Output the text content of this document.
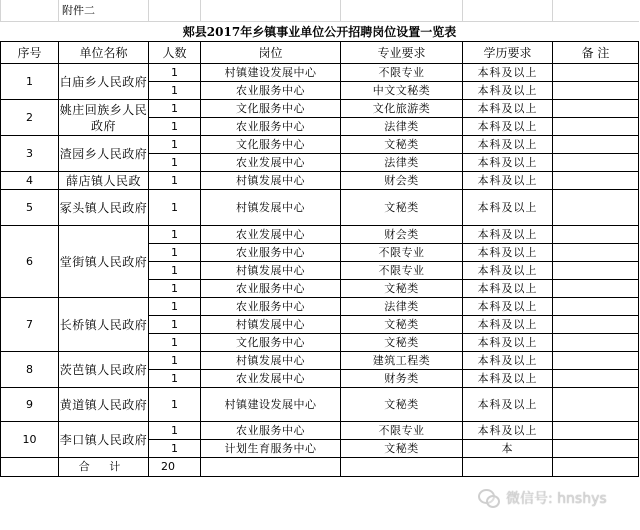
	附件二					
郏县2017年乡镇事业单位公开招聘岗位设置一览表						
序号	单位名称	人数	岗位	专业要求	学历要求	备 注
1	白庙乡人民政府	1	村镇建设发展中心	不限专业	本科及以上	
		1	农业服务中心	中文文秘类	本科及以上	
2	姚庄回族乡人民政府	1	文化服务中心	文化旅游类	本科及以上	
		1	农业服务中心	法律类	本科及以上	
3	渣园乡人民政府	1	文化服务中心	文秘类	本科及以上	
		1	农业发展中心	法律类	本科及以上	
4	薛店镇人民政	1	村镇发展中心	财会类	本科及以上	
5	冢头镇人民政府	1	村镇发展中心	文秘类	本科及以上	
6	堂街镇人民政府	1	农业发展中心	财会类	本科及以上	
		1	农业服务中心	不限专业	本科及以上	
		1	村镇发展中心	不限专业	本科及以上	
		1	农业服务中心	文秘类	本科及以上	
7	长桥镇人民政府	1	农业服务中心	法律类	本科及以上	
		1	村镇发展中心	文秘类	本科及以上	
		1	文化服务中心	文秘类	本科及以上	
8	茨芭镇人民政府	1	村镇发展中心	建筑工程类	本科及以上	
		1	农业发展中心	财务类	本科及以上	
9	黄道镇人民政府	1	村镇建设发展中心	文秘类	本科及以上	
10	李口镇人民政府	1	农业服务中心	不限专业	本科及以上	
		1	计划生育服务中心	文秘类	本	
	合 计	20				
微信号: hnshys
